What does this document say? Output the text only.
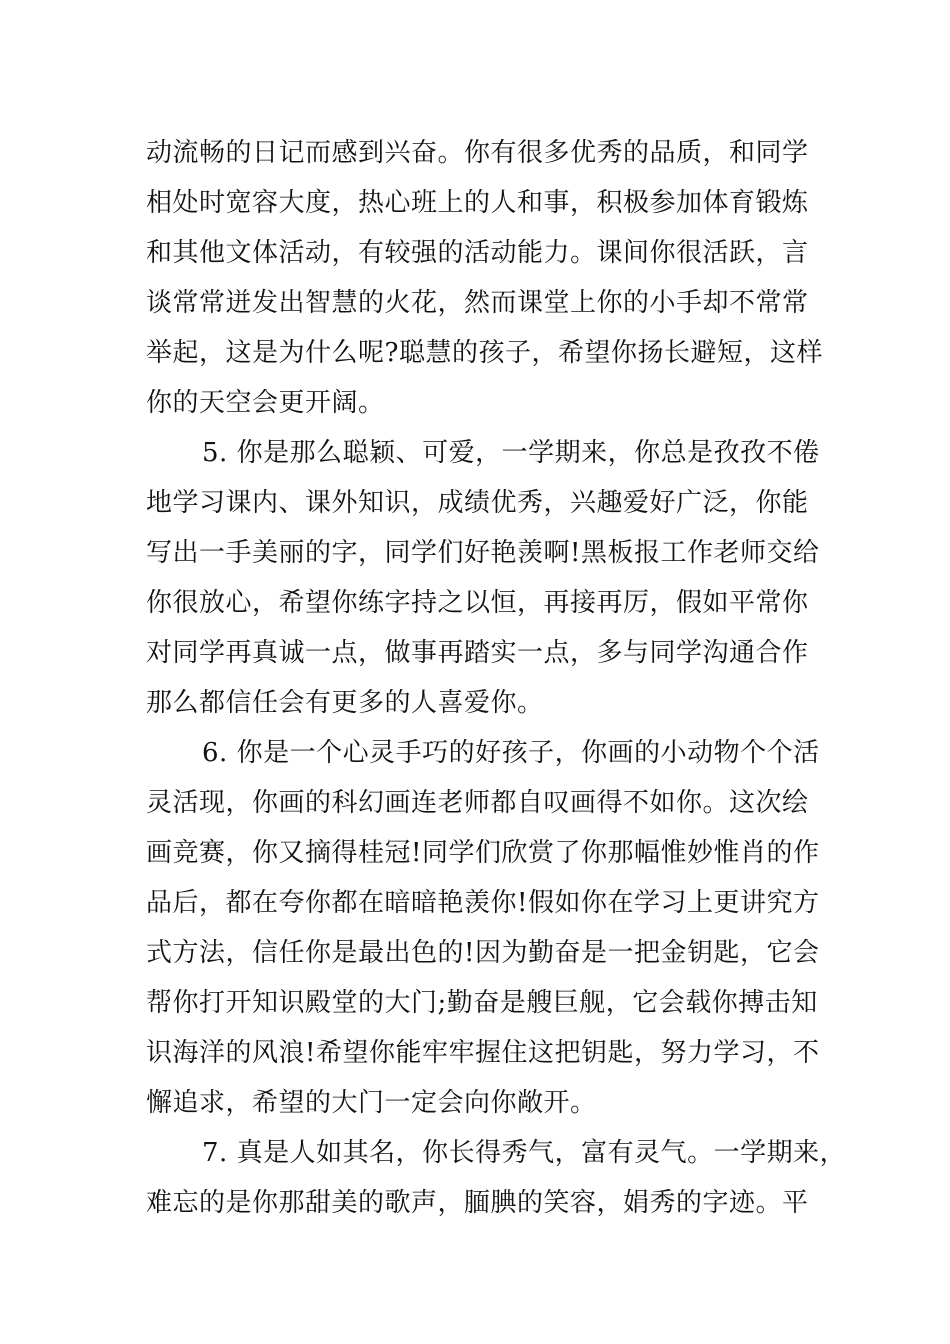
动流畅的日记而感到兴奋。你有很多优秀的品质，和同学
相处时宽容大度，热心班上的人和事，积极参加体育锻炼
和其他文体活动，有较强的活动能力。课间你很活跃，言
谈常常迸发出智慧的火花，然而课堂上你的小手却不常常
举起，这是为什么呢?聪慧的孩子，希望你扬长避短，这样
你的天空会更开阔。
5. 你是那么聪颖、可爱，一学期来，你总是孜孜不倦
地学习课内、课外知识，成绩优秀，兴趣爱好广泛，你能
写出一手美丽的字，同学们好艳羡啊!黑板报工作老师交给
你很放心，希望你练字持之以恒，再接再厉，假如平常你
对同学再真诚一点，做事再踏实一点，多与同学沟通合作
那么都信任会有更多的人喜爱你。
6. 你是一个心灵手巧的好孩子，你画的小动物个个活
灵活现，你画的科幻画连老师都自叹画得不如你。这次绘
画竞赛，你又摘得桂冠!同学们欣赏了你那幅惟妙惟肖的作
品后，都在夸你都在暗暗艳羡你!假如你在学习上更讲究方
式方法，信任你是最出色的!因为勤奋是一把金钥匙，它会
帮你打开知识殿堂的大门;勤奋是艘巨舰，它会载你搏击知
识海洋的风浪!希望你能牢牢握住这把钥匙，努力学习，不
懈追求，希望的大门一定会向你敞开。
7. 真是人如其名，你长得秀气，富有灵气。一学期来，
难忘的是你那甜美的歌声，腼腆的笑容，娟秀的字迹。平
